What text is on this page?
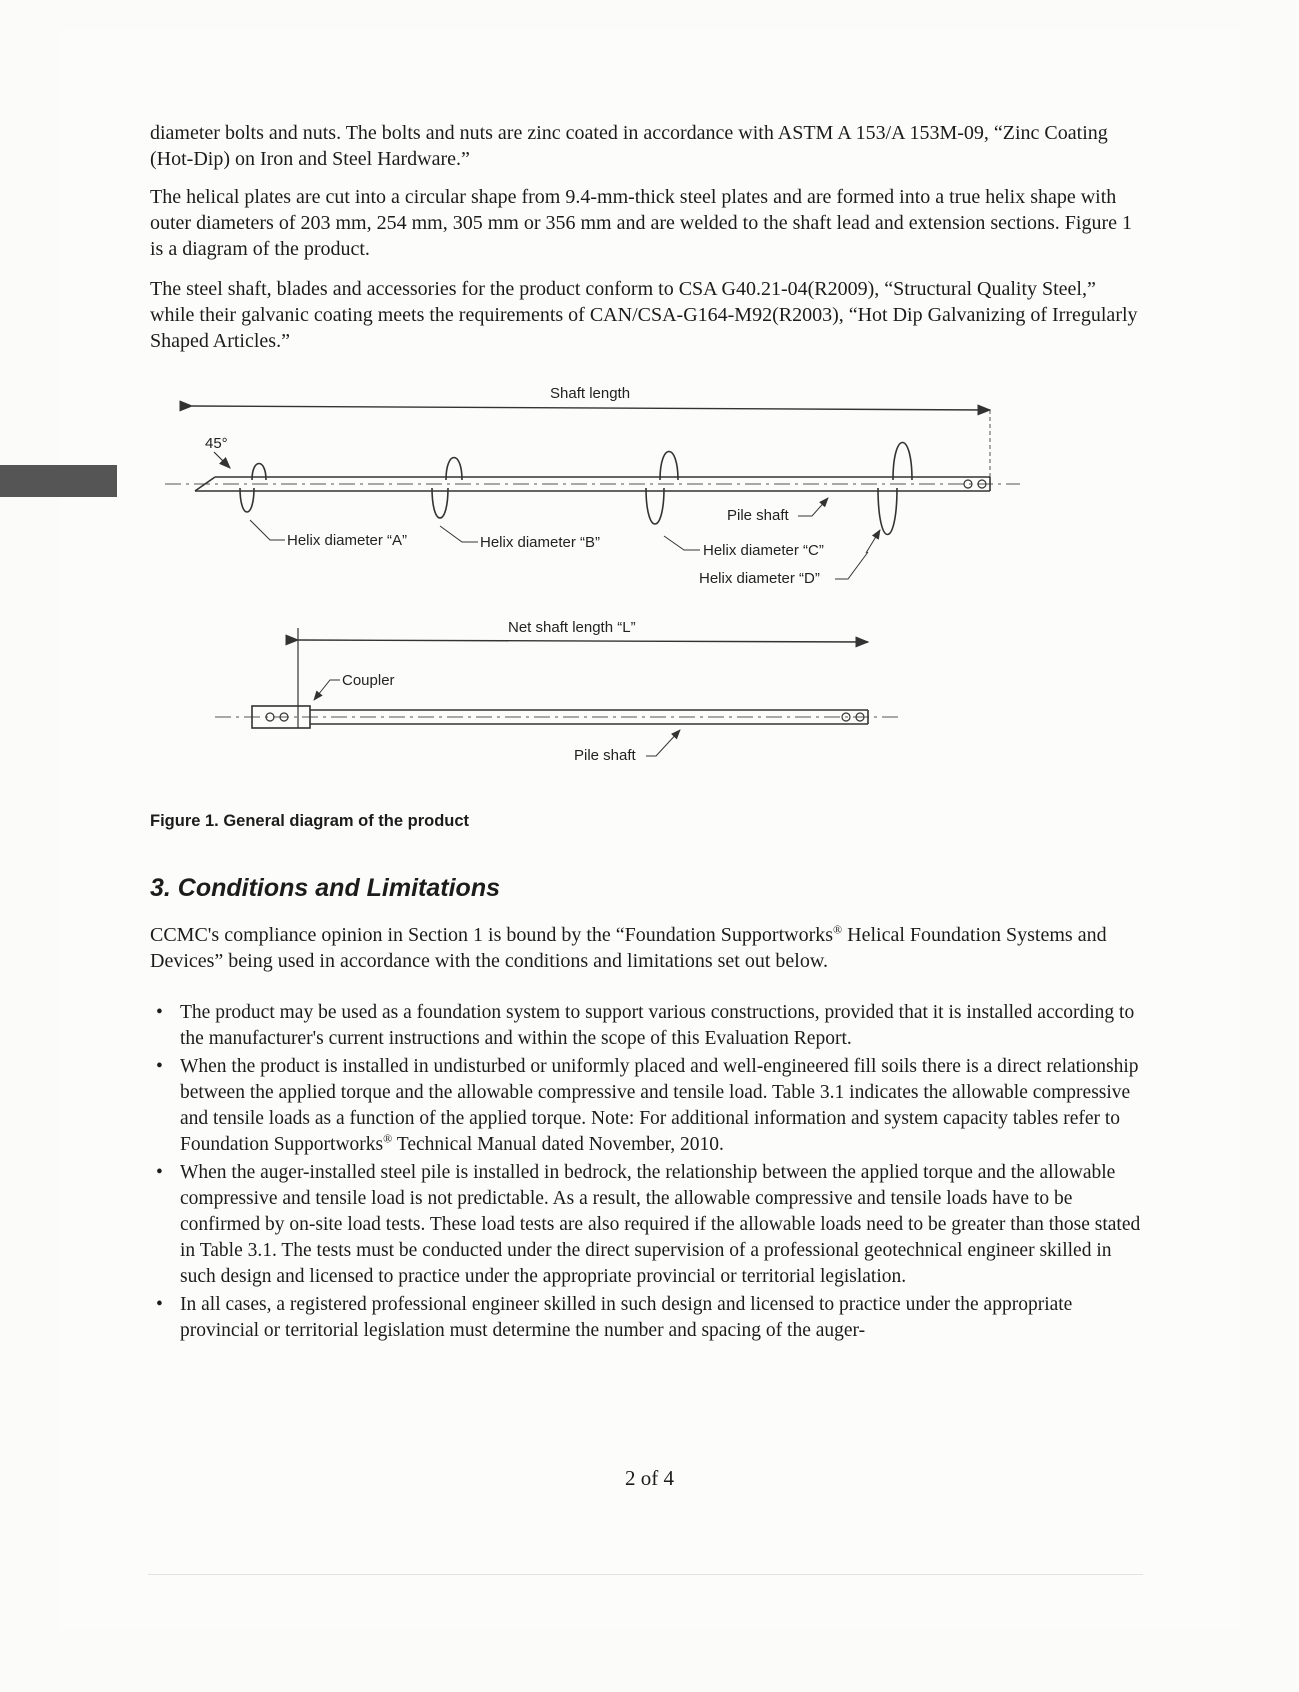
diameter bolts and nuts. The bolts and nuts are zinc coated in accordance with ASTM A 153/A 153M-09, “Zinc Coating (Hot-Dip) on Iron and Steel Hardware.”

The helical plates are cut into a circular shape from 9.4-mm-thick steel plates and are formed into a true helix shape with outer diameters of 203 mm, 254 mm, 305 mm or 356 mm and are welded to the shaft lead and extension sections. Figure 1 is a diagram of the product.

The steel shaft, blades and accessories for the product conform to CSA G40.21-04(R2009), “Structural Quality Steel,” while their galvanic coating meets the requirements of CAN/CSA-G164-M92(R2003), “Hot Dip Galvanizing of Irregularly Shaped Articles.”

Shaft length
45°
Helix diameter “A”	Helix diameter “B”	Helix diameter “C”
Pile shaft
Helix diameter “D”
Net shaft length “L”
Coupler
Pile shaft

Figure 1. General diagram of the product

3. Conditions and Limitations

CCMC's compliance opinion in Section 1 is bound by the “Foundation Supportworks® Helical Foundation Systems and Devices” being used in accordance with the conditions and limitations set out below.

• The product may be used as a foundation system to support various constructions, provided that it is installed according to the manufacturer's current instructions and within the scope of this Evaluation Report.
• When the product is installed in undisturbed or uniformly placed and well-engineered fill soils there is a direct relationship between the applied torque and the allowable compressive and tensile load. Table 3.1 indicates the allowable compressive and tensile loads as a function of the applied torque. Note: For additional information and system capacity tables refer to Foundation Supportworks® Technical Manual dated November, 2010.
• When the auger-installed steel pile is installed in bedrock, the relationship between the applied torque and the allowable compressive and tensile load is not predictable. As a result, the allowable compressive and tensile loads have to be confirmed by on-site load tests. These load tests are also required if the allowable loads need to be greater than those stated in Table 3.1. The tests must be conducted under the direct supervision of a professional geotechnical engineer skilled in such design and licensed to practice under the appropriate provincial or territorial legislation.
• In all cases, a registered professional engineer skilled in such design and licensed to practice under the appropriate provincial or territorial legislation must determine the number and spacing of the auger-

2 of 4
